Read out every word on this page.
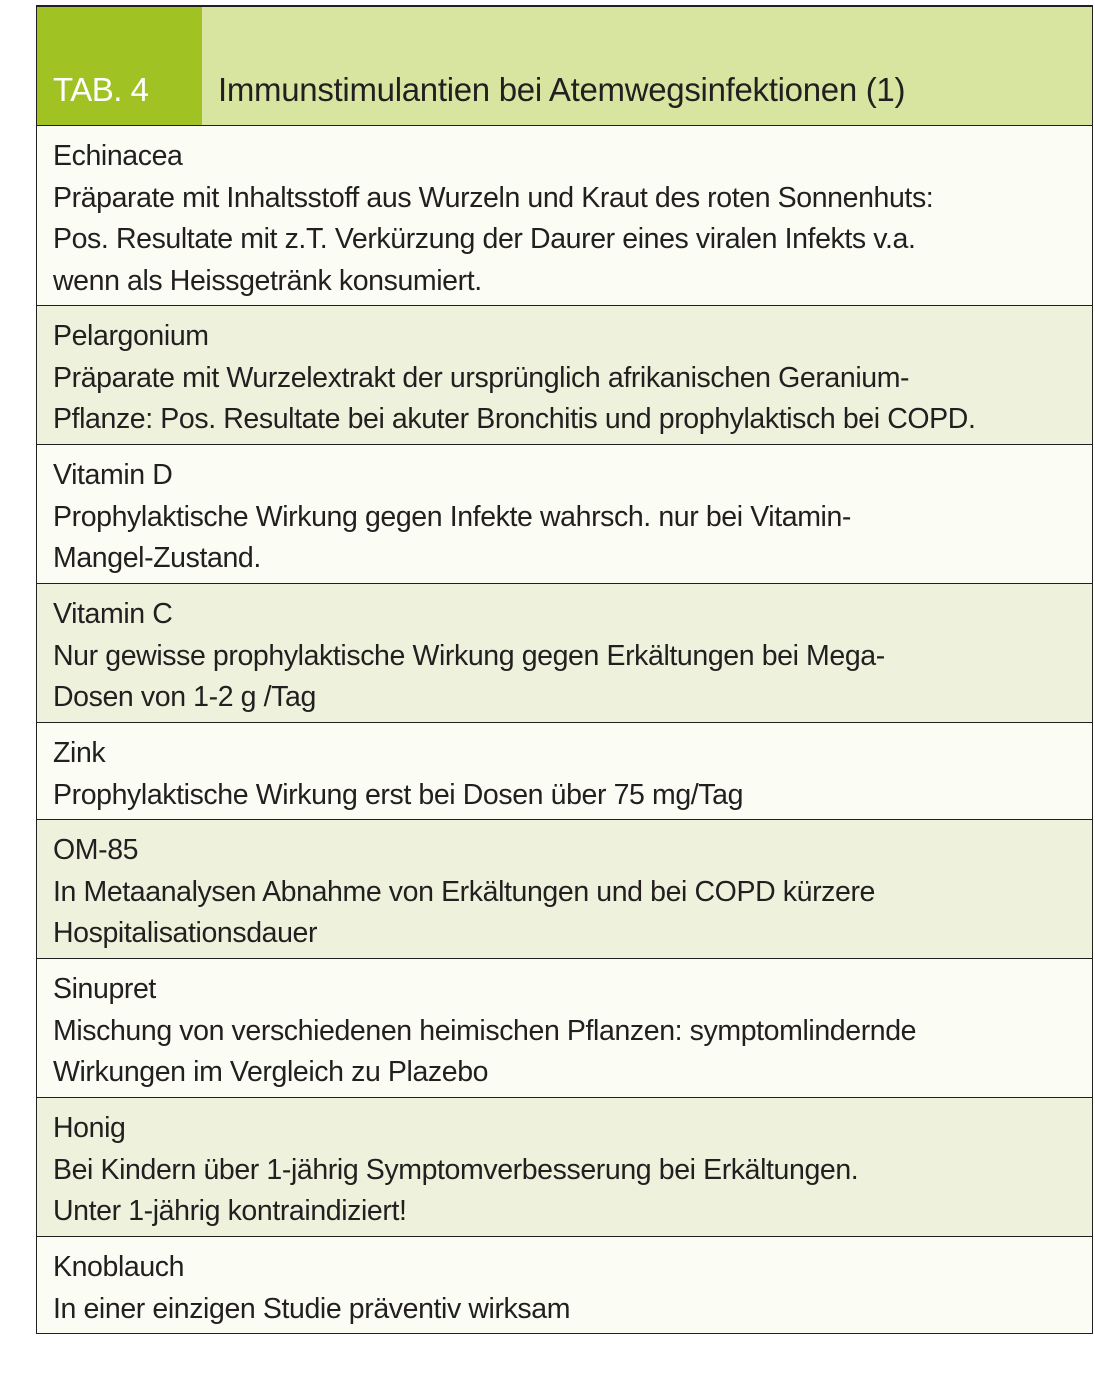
TAB. 4	Immunstimulantien bei Atemwegsinfektionen (1)
Echinacea
Präparate mit Inhaltsstoff aus Wurzeln und Kraut des roten Sonnenhuts:
Pos. Resultate mit z.T. Verkürzung der Daurer eines viralen Infekts v.a.
wenn als Heissgetränk konsumiert.
Pelargonium
Präparate mit Wurzelextrakt der ursprünglich afrikanischen Geranium-
Pflanze: Pos. Resultate bei akuter Bronchitis und prophylaktisch bei COPD.
Vitamin D
Prophylaktische Wirkung gegen Infekte wahrsch. nur bei Vitamin-
Mangel-Zustand.
Vitamin C
Nur gewisse prophylaktische Wirkung gegen Erkältungen bei Mega-
Dosen von 1-2 g /Tag
Zink
Prophylaktische Wirkung erst bei Dosen über 75 mg/Tag
OM-85
In Metaanalysen Abnahme von Erkältungen und bei COPD kürzere
Hospitalisationsdauer
Sinupret
Mischung von verschiedenen heimischen Pflanzen: symptomlindernde
Wirkungen im Vergleich zu Plazebo
Honig
Bei Kindern über 1-jährig Symptomverbesserung bei Erkältungen.
Unter 1-jährig kontraindiziert!
Knoblauch
In einer einzigen Studie präventiv wirksam
